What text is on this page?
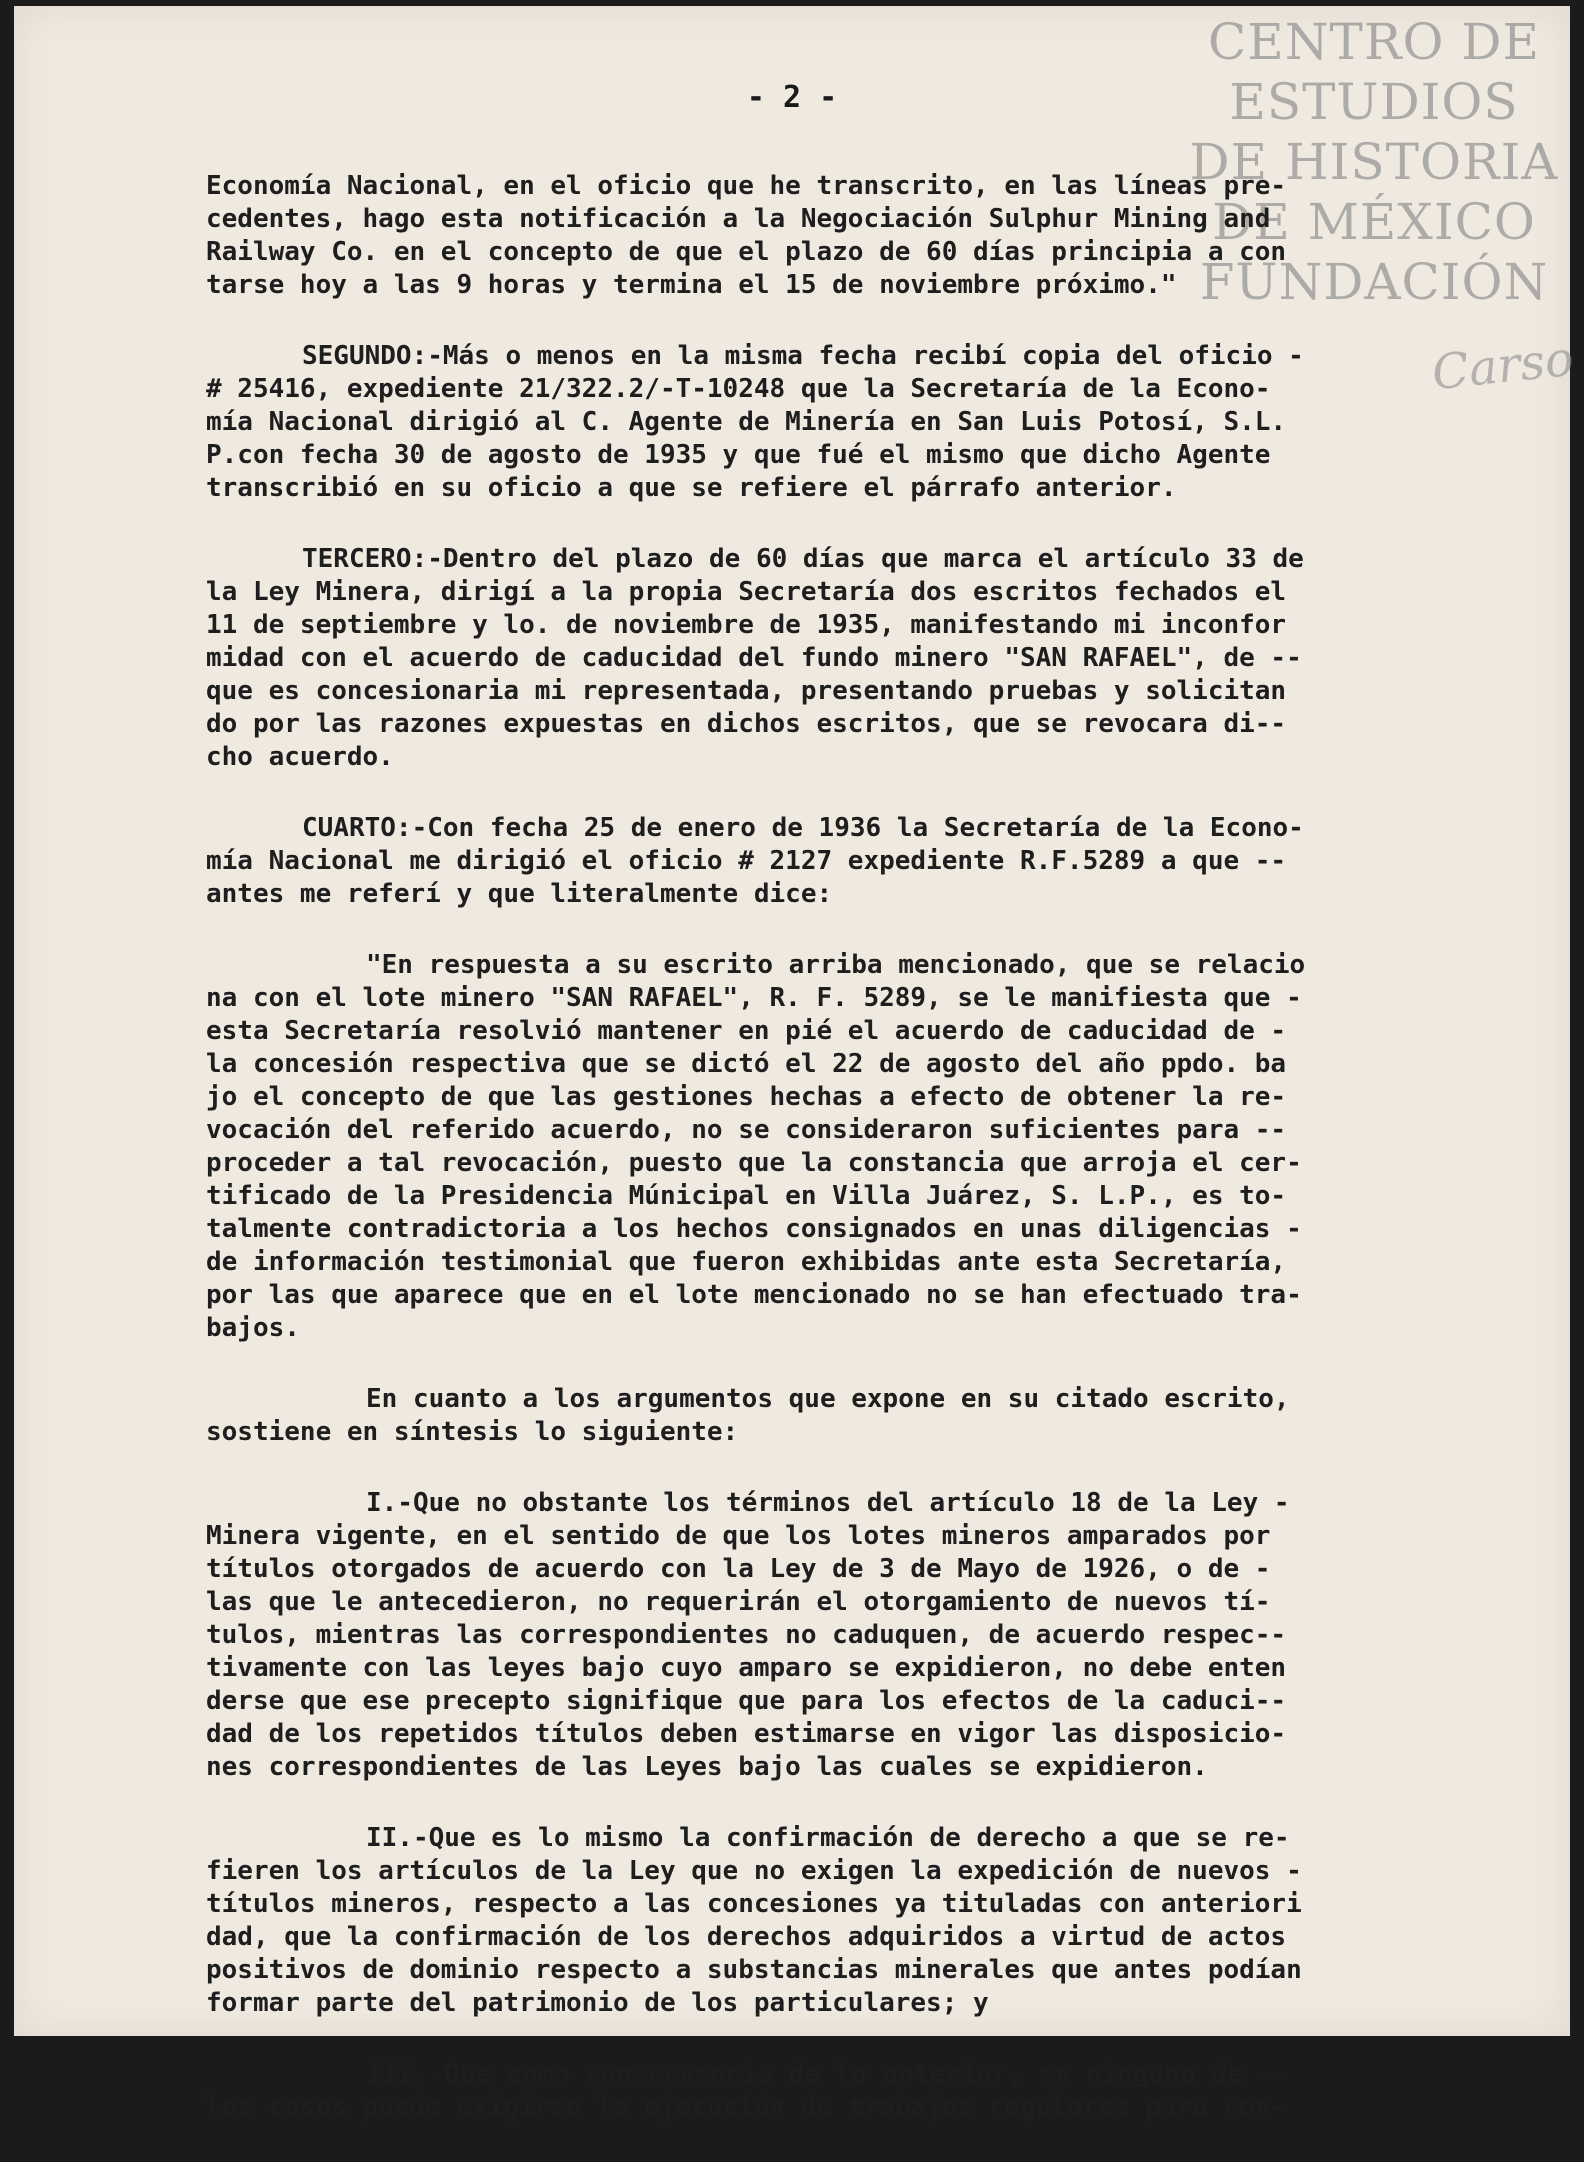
CENTRO DE
ESTUDIOS
DE HISTORIA
DE MÉXICO
FUNDACIÓN
Carso
- 2 -
Economía Nacional, en el oficio que he transcrito, en las líneas pre-
cedentes, hago esta notificación a la Negociación Sulphur Mining and
Railway Co. en el concepto de que el plazo de 60 días principia a con
tarse hoy a las 9 horas y termina el 15 de noviembre próximo."
SEGUNDO:-Más o menos en la misma fecha recibí copia del oficio -
# 25416, expediente 21/322.2/-T-10248 que la Secretaría de la Econo-
mía Nacional dirigió al C. Agente de Minería en San Luis Potosí, S.L.
P.con fecha 30 de agosto de 1935 y que fué el mismo que dicho Agente
transcribió en su oficio a que se refiere el párrafo anterior.
TERCERO:-Dentro del plazo de 60 días que marca el artículo 33 de
la Ley Minera, dirigí a la propia Secretaría dos escritos fechados el
11 de septiembre y lo. de noviembre de 1935, manifestando mi inconfor
midad con el acuerdo de caducidad del fundo minero "SAN RAFAEL", de --
que es concesionaria mi representada, presentando pruebas y solicitan
do por las razones expuestas en dichos escritos, que se revocara di--
cho acuerdo.
CUARTO:-Con fecha 25 de enero de 1936 la Secretaría de la Econo-
mía Nacional me dirigió el oficio # 2127 expediente R.F.5289 a que --
antes me referí y que literalmente dice:
"En respuesta a su escrito arriba mencionado, que se relacio
na con el lote minero "SAN RAFAEL", R. F. 5289, se le manifiesta que -
esta Secretaría resolvió mantener en pié el acuerdo de caducidad de -
la concesión respectiva que se dictó el 22 de agosto del año ppdo. ba
jo el concepto de que las gestiones hechas a efecto de obtener la re-
vocación del referido acuerdo, no se consideraron suficientes para --
proceder a tal revocación, puesto que la constancia que arroja el cer-
tificado de la Presidencia Múnicipal en Villa Juárez, S. L.P., es to-
talmente contradictoria a los hechos consignados en unas diligencias -
de información testimonial que fueron exhibidas ante esta Secretaría,
por las que aparece que en el lote mencionado no se han efectuado tra-
bajos.
En cuanto a los argumentos que expone en su citado escrito,
sostiene en síntesis lo siguiente:
I.-Que no obstante los términos del artículo 18 de la Ley -
Minera vigente, en el sentido de que los lotes mineros amparados por
títulos otorgados de acuerdo con la Ley de 3 de Mayo de 1926, o de -
las que le antecedieron, no requerirán el otorgamiento de nuevos tí-
tulos, mientras las correspondientes no caduquen, de acuerdo respec--
tivamente con las leyes bajo cuyo amparo se expidieron, no debe enten
derse que ese precepto signifique que para los efectos de la caduci--
dad de los repetidos títulos deben estimarse en vigor las disposicio-
nes correspondientes de las Leyes bajo las cuales se expidieron.
II.-Que es lo mismo la confirmación de derecho a que se re-
fieren los artículos de la Ley que no exigen la expedición de nuevos -
títulos mineros, respecto a las concesiones ya tituladas con anteriori
dad, que la confirmación de los derechos adquiridos a virtud de actos
positivos de dominio respecto a substancias minerales que antes podían
formar parte del patrimonio de los particulares; y
III.-Que como consecuencia de lo anterior, en ninguno de --
los casos puede exigirse la ejecución de trabajos regulares para con-
